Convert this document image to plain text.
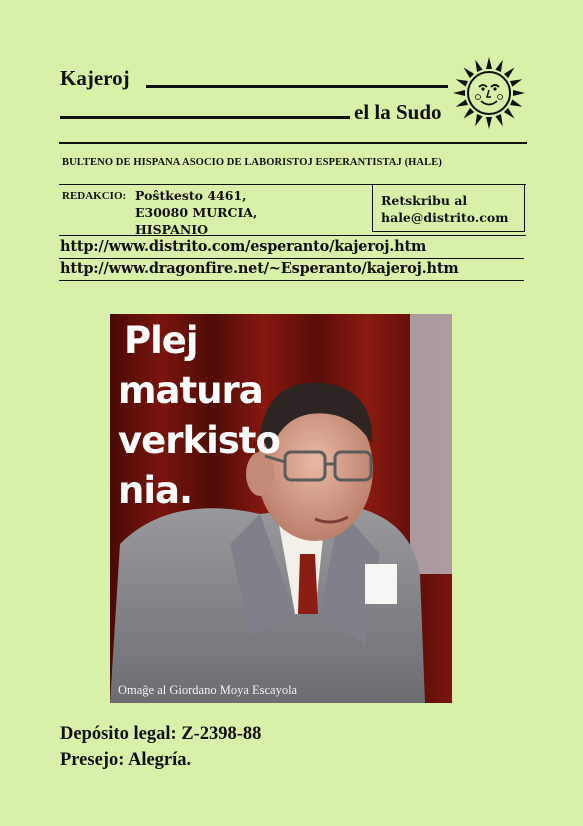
Kajeroj
el la Sudo
BULTENO DE HISPANA ASOCIO DE LABORISTOJ ESPERANTISTAJ (HALE)
REDAKCIO: Poŝtkesto 4461,
E30080 MURCIA,
HISPANIO
Retskribu al
hale@distrito.com
http://www.distrito.com/esperanto/kajeroj.htm
http://www.dragonfire.net/~Esperanto/kajeroj.htm
Plej
matura
verkisto
nia.
Omaĝe al Giordano Moya Escayola
Depósito legal: Z-2398-88
Presejo: Alegría.
